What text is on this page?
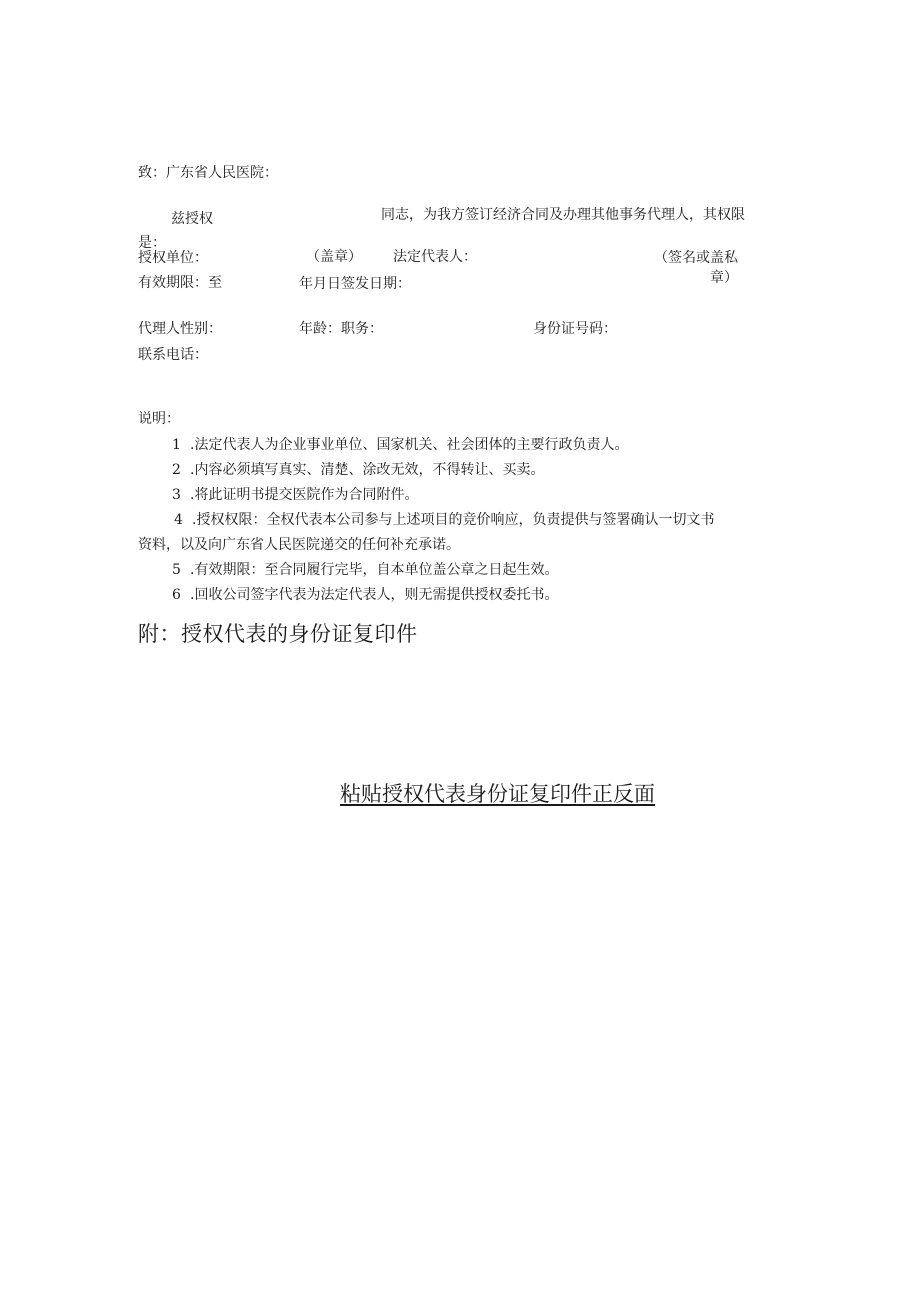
致：广东省人民医院：
兹授权	同志，为我方签订经济合同及办理其他事务代理人，其权限
是：
授权单位：	（盖章） 法定代表人：	（签名或盖私
章）
有效期限：至	年月日签发日期：
代理人性别：	年龄：职务：	身份证号码：
联系电话：
说明：
1 .法定代表人为企业事业单位、国家机关、社会团体的主要行政负责人。
2 .内容必须填写真实、清楚、涂改无效，不得转让、买卖。
3 .将此证明书提交医院作为合同附件。
4 .授权权限：全权代表本公司参与上述项目的竞价响应，负责提供与签署确认一切文书
资料，以及向广东省人民医院递交的任何补充承诺。
5 .有效期限：至合同履行完毕，自本单位盖公章之日起生效。
6 .回收公司签字代表为法定代表人，则无需提供授权委托书。
附：授权代表的身份证复印件
粘贴授权代表身份证复印件正反面
